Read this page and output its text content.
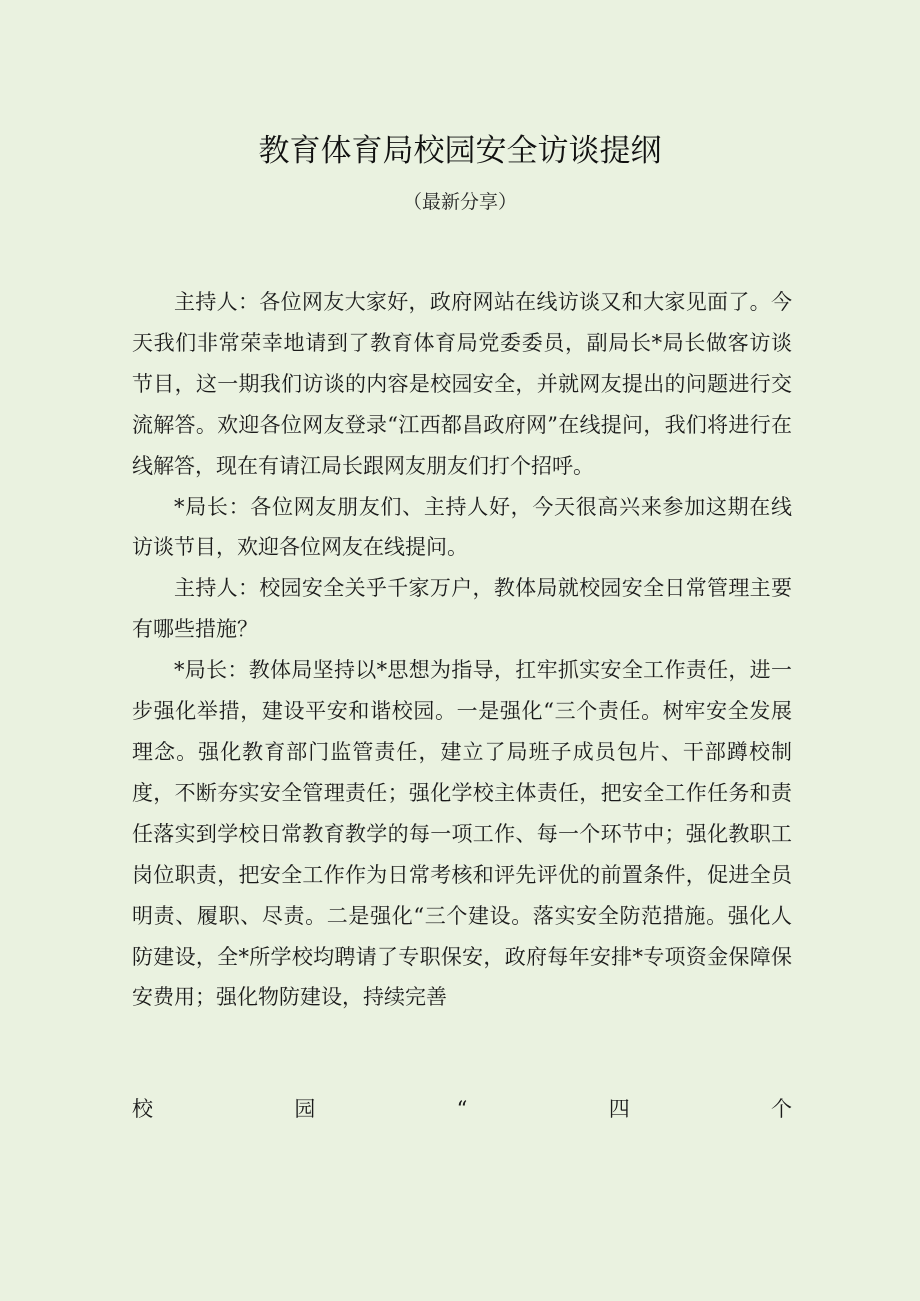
教育体育局校园安全访谈提纲
（最新分享）

主持人：各位网友大家好，政府网站在线访谈又和大家见面了。今天我们非常荣幸地请到了教育体育局党委委员，副局长*局长做客访谈节目，这一期我们访谈的内容是校园安全，并就网友提出的问题进行交流解答。欢迎各位网友登录“江西都昌政府网”在线提问，我们将进行在线解答，现在有请江局长跟网友朋友们打个招呼。

*局长：各位网友朋友们、主持人好，今天很高兴来参加这期在线访谈节目，欢迎各位网友在线提问。

主持人：校园安全关乎千家万户，教体局就校园安全日常管理主要有哪些措施？

*局长：教体局坚持以*思想为指导，扛牢抓实安全工作责任，进一步强化举措，建设平安和谐校园。一是强化“三个责任。树牢安全发展理念。强化教育部门监管责任，建立了局班子成员包片、干部蹲校制度，不断夯实安全管理责任；强化学校主体责任，把安全工作任务和责任落实到学校日常教育教学的每一项工作、每一个环节中；强化教职工岗位职责，把安全工作作为日常考核和评先评优的前置条件，促进全员明责、履职、尽责。二是强化“三个建设。落实安全防范措施。强化人防建设，全*所学校均聘请了专职保安，政府每年安排*专项资金保障保安费用；强化物防建设，持续完善

校	园	“	四	个
